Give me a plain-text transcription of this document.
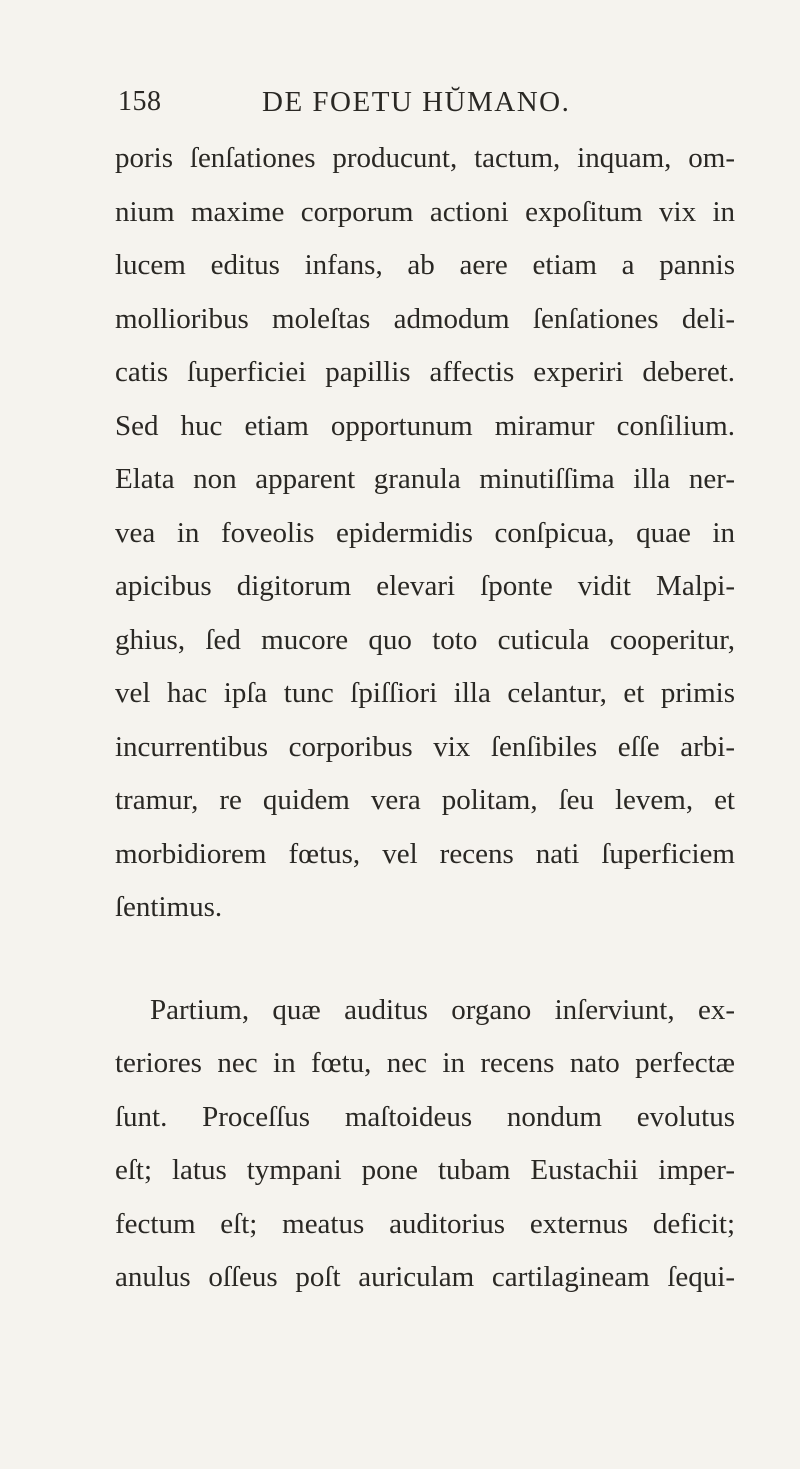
158	DE FOETU HŬMANO.
poris ſenſationes producunt, tactum, inquam, om-
nium maxime corporum actioni expoſitum vix in
lucem editus infans, ab aere etiam a pannis
mollioribus moleſtas admodum ſenſationes deli-
catis ſuperficiei papillis affectis experiri deberet.
Sed huc etiam opportunum miramur conſilium.
Elata non apparent granula minutiſſima illa ner-
vea in foveolis epidermidis conſpicua, quae in
apicibus digitorum elevari ſponte vidit Malpi-
ghius, ſed mucore quo toto cuticula cooperitur,
vel hac ipſa tunc ſpiſſiori illa celantur, et primis
incurrentibus corporibus vix ſenſibiles eſſe arbi-
tramur, re quidem vera politam, ſeu levem, et
morbidiorem fœtus, vel recens nati ſuperficiem
ſentimus.
Partium, quæ auditus organo inſerviunt, ex-
teriores nec in fœtu, nec in recens nato perfectæ
ſunt. Proceſſus maſtoideus nondum evolutus
eſt; latus tympani pone tubam Eustachii imper-
fectum eſt; meatus auditorius externus deficit;
anulus oſſeus poſt auriculam cartilagineam ſequi-
